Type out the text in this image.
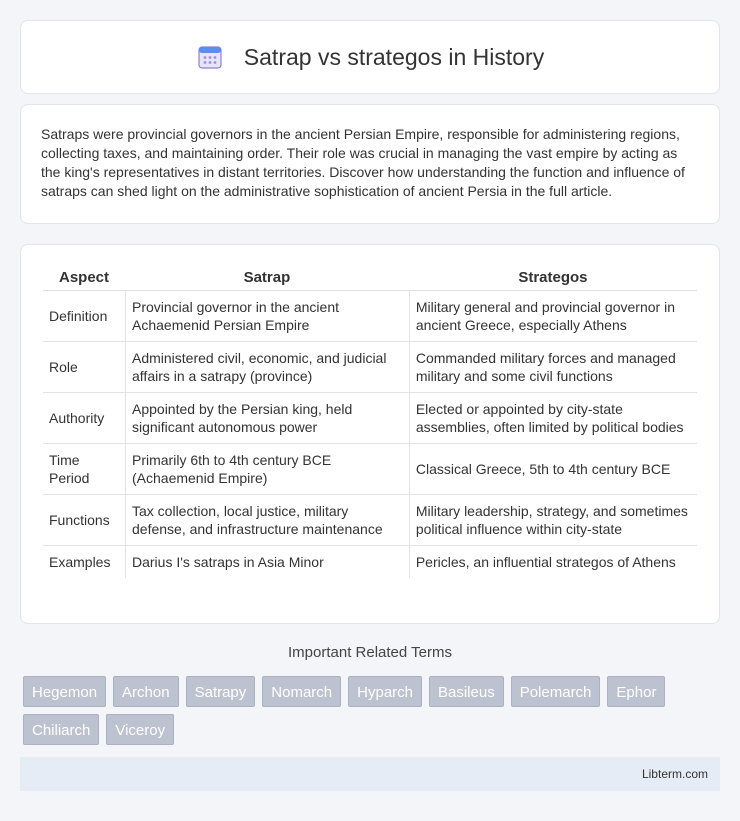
Satrap vs strategos in History

Satraps were provincial governors in the ancient Persian Empire, responsible for administering regions, collecting taxes, and maintaining order. Their role was crucial in managing the vast empire by acting as the king's representatives in distant territories. Discover how understanding the function and influence of satraps can shed light on the administrative sophistication of ancient Persia in the full article.

Aspect	Satrap	Strategos
Definition	Provincial governor in the ancient Achaemenid Persian Empire	Military general and provincial governor in ancient Greece, especially Athens
Role	Administered civil, economic, and judicial affairs in a satrapy (province)	Commanded military forces and managed military and some civil functions
Authority	Appointed by the Persian king, held significant autonomous power	Elected or appointed by city-state assemblies, often limited by political bodies
Time Period	Primarily 6th to 4th century BCE (Achaemenid Empire)	Classical Greece, 5th to 4th century BCE
Functions	Tax collection, local justice, military defense, and infrastructure maintenance	Military leadership, strategy, and sometimes political influence within city-state
Examples	Darius I's satraps in Asia Minor	Pericles, an influential strategos of Athens
Important Related Terms
Hegemon	Archon	Satrapy	Nomarch	Hyparch	Basileus	Polemarch	Ephor
Chiliarch	Viceroy
Libterm.com
